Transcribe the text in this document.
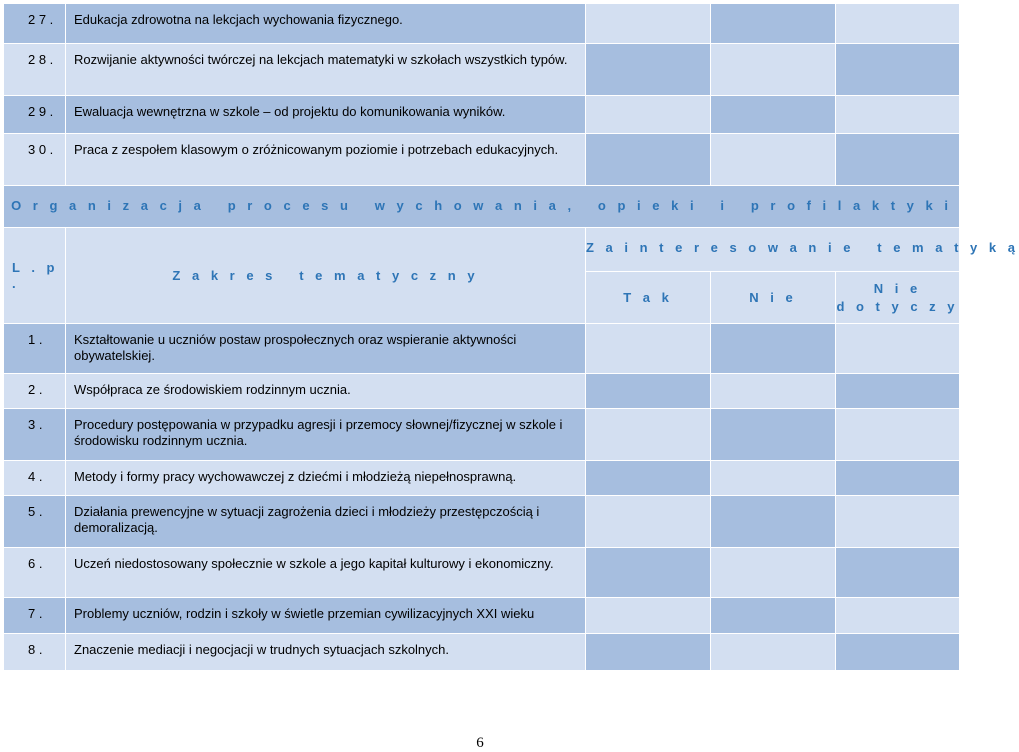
2 7 .	Edukacja zdrowotna na lekcjach wychowania fizycznego.			
2 8 .	Rozwijanie aktywności twórczej na lekcjach matematyki w szkołach wszystkich typów.			
2 9 .	Ewaluacja wewnętrzna w szkole – od projektu do komunikowania wyników.			
3 0 .	Praca z zespołem klasowym o zróżnicowanym poziomie i potrzebach edukacyjnych.			
O r g a n i z a c j a   p r o c e s u   w y c h o w a n i a ,   o p i e k i   i   p r o f i l a k t y k i				
L . p .	Z a k r e s   t e m a t y c z n y	Z a i n t e r e s o w a n i e   t e m a t y k ą		
		T a k	N i e	N i e
d o t y c z y

1 .	Kształtowanie u uczniów postaw prospołecznych oraz wspieranie aktywności obywatelskiej.			
2 .	Współpraca ze środowiskiem rodzinnym ucznia.			
3 .	Procedury postępowania w przypadku agresji i przemocy słownej/fizycznej w szkole i środowisku rodzinnym ucznia.			
4 .	Metody i formy pracy wychowawczej z dziećmi i młodzieżą niepełnosprawną.			
5 .	Działania prewencyjne w sytuacji zagrożenia dzieci i młodzieży przestępczością i demoralizacją.			
6 .	Uczeń niedostosowany społecznie w szkole a jego kapitał kulturowy i ekonomiczny.			
7 .	Problemy uczniów, rodzin i szkoły w świetle przemian cywilizacyjnych XXI wieku			
8 .	Znaczenie mediacji i negocjacji w trudnych sytuacjach szkolnych.			
6
